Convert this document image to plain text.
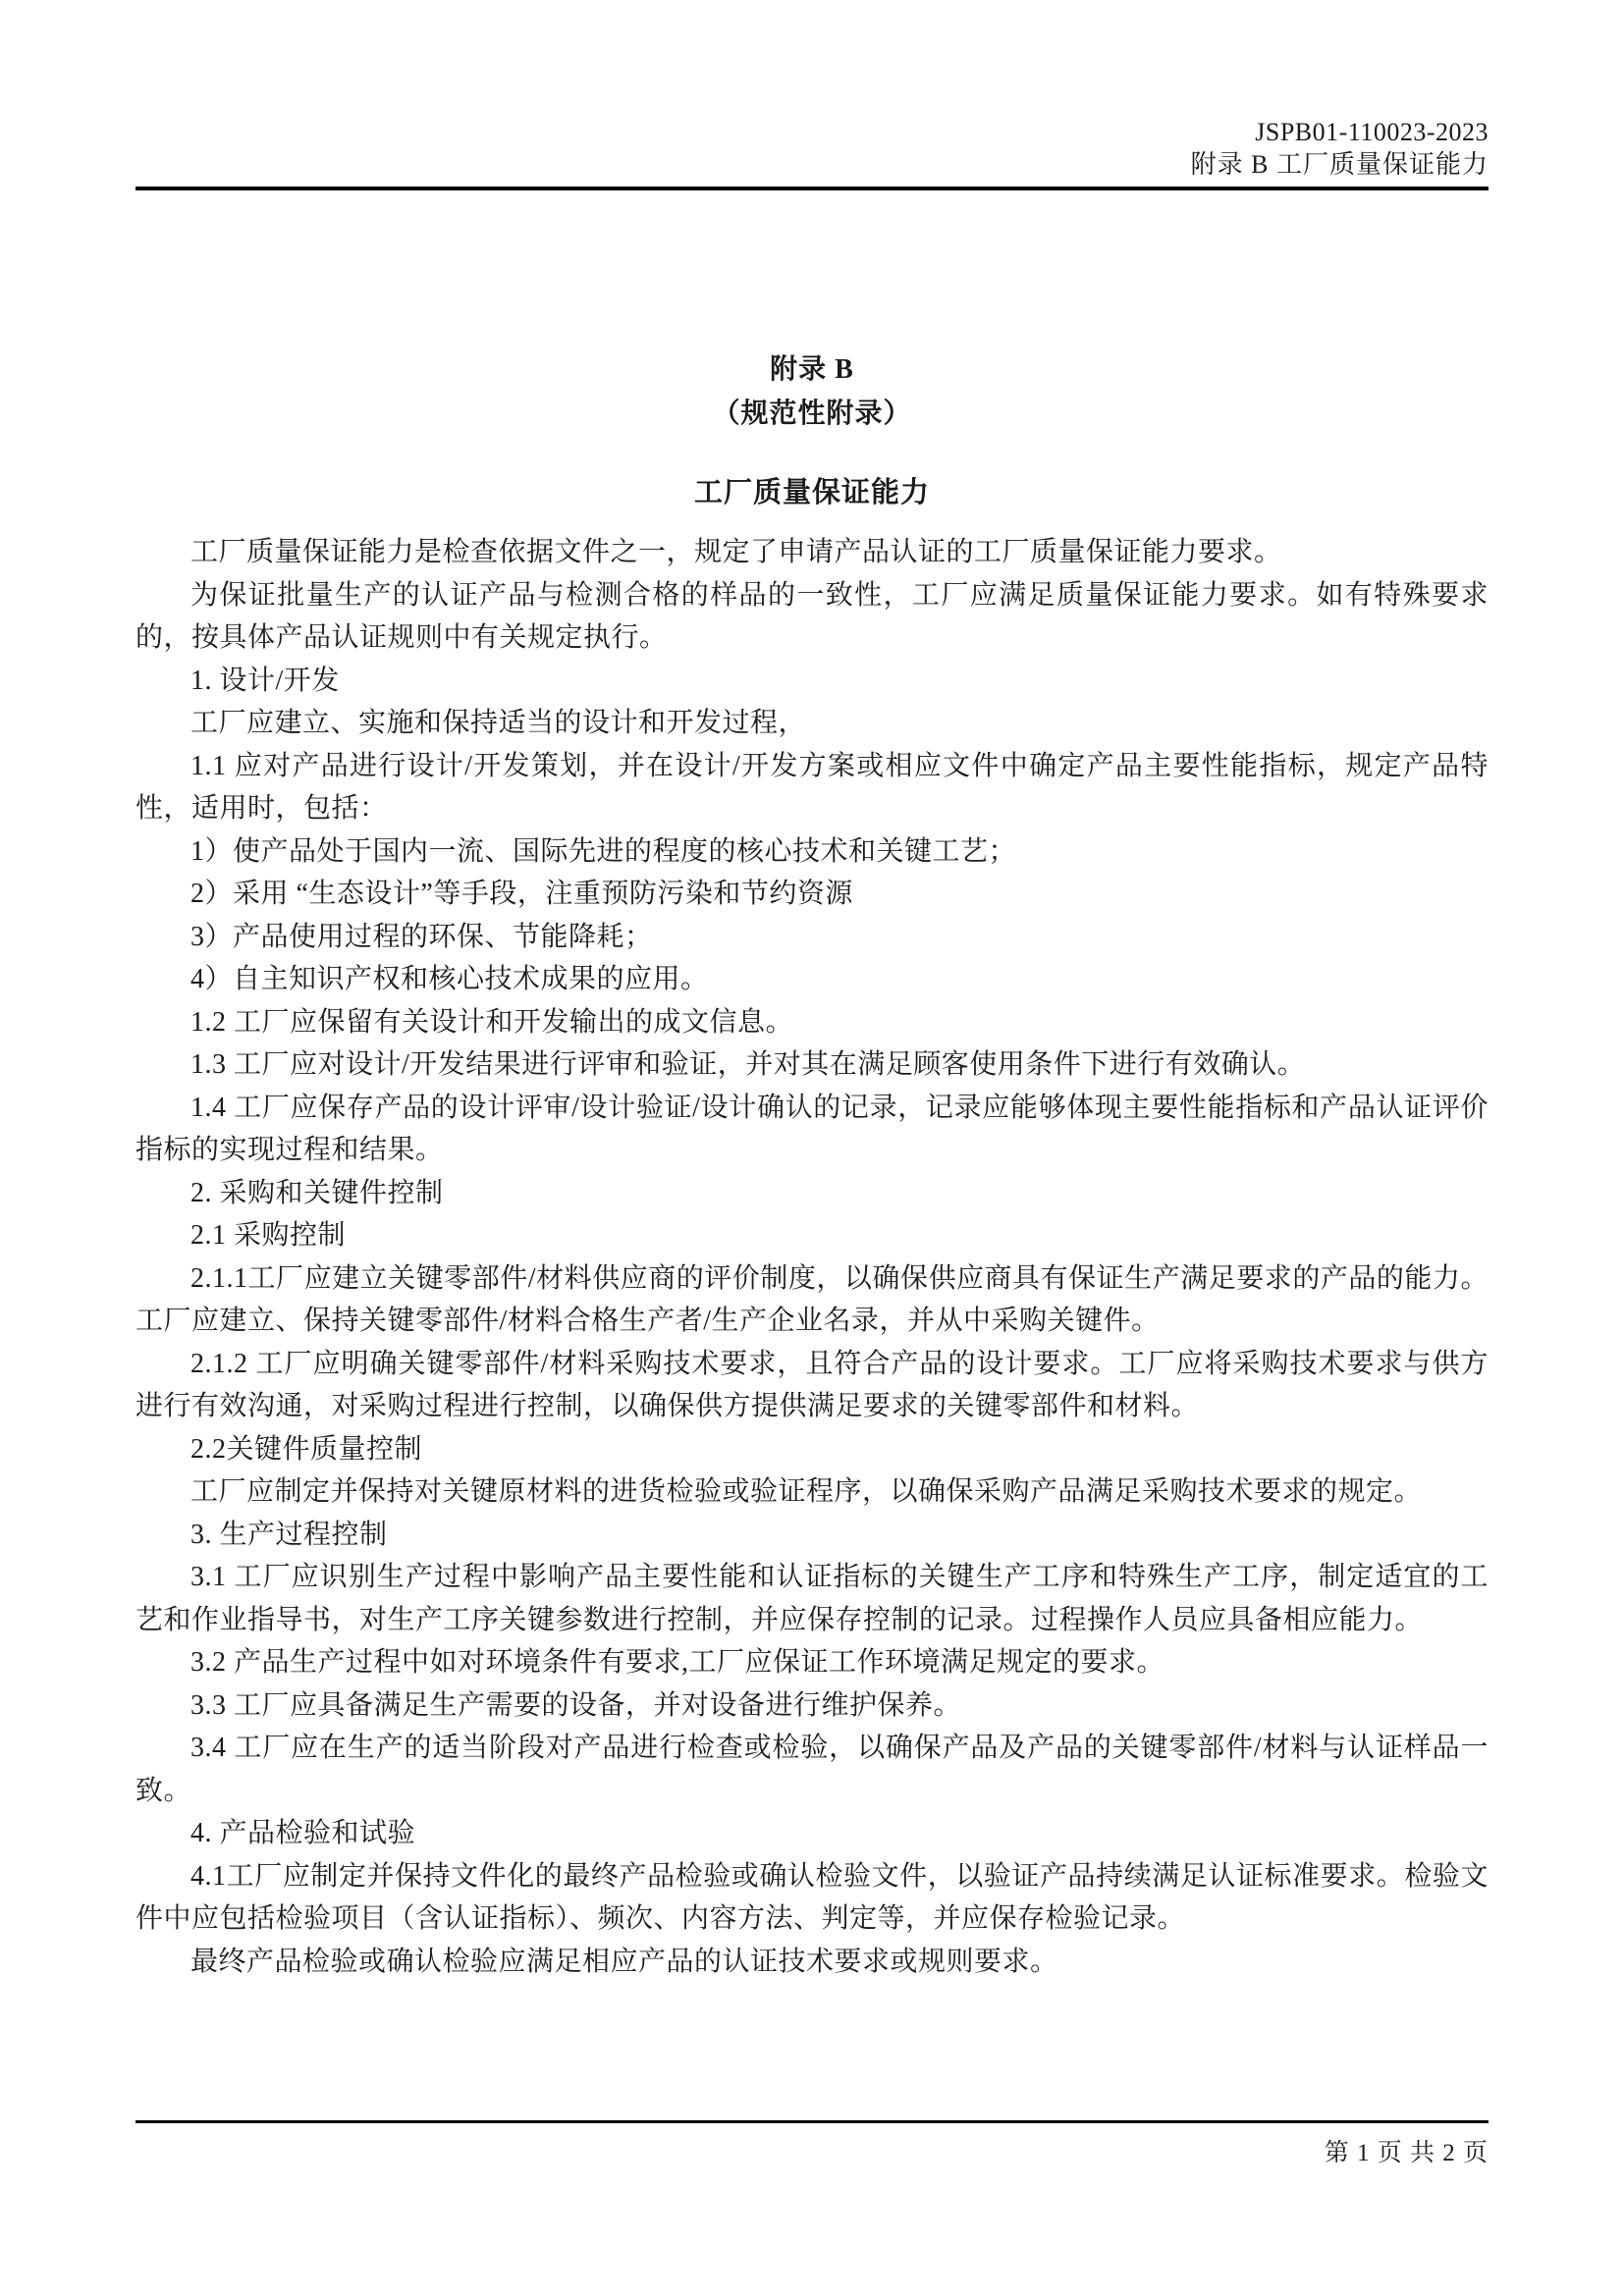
JSPB01-110023-2023
附录 B 工厂质量保证能力
附录 B
（规范性附录）
工厂质量保证能力

工厂质量保证能力是检查依据文件之一，规定了申请产品认证的工厂质量保证能力要求。

为保证批量生产的认证产品与检测合格的样品的一致性，工厂应满足质量保证能力要求。如有特殊要求的，按具体产品认证规则中有关规定执行。

1. 设计/开发

工厂应建立、实施和保持适当的设计和开发过程，

1.1 应对产品进行设计/开发策划，并在设计/开发方案或相应文件中确定产品主要性能指标，规定产品特性，适用时，包括：

1）使产品处于国内一流、国际先进的程度的核心技术和关键工艺；

2）采用 “生态设计”等手段，注重预防污染和节约资源

3）产品使用过程的环保、节能降耗；

4）自主知识产权和核心技术成果的应用。

1.2 工厂应保留有关设计和开发输出的成文信息。

1.3 工厂应对设计/开发结果进行评审和验证，并对其在满足顾客使用条件下进行有效确认。

1.4 工厂应保存产品的设计评审/设计验证/设计确认的记录，记录应能够体现主要性能指标和产品认证评价指标的实现过程和结果。

2. 采购和关键件控制

2.1 采购控制

2.1.1工厂应建立关键零部件/材料供应商的评价制度，以确保供应商具有保证生产满足要求的产品的能力。工厂应建立、保持关键零部件/材料合格生产者/生产企业名录，并从中采购关键件。

2.1.2 工厂应明确关键零部件/材料采购技术要求，且符合产品的设计要求。工厂应将采购技术要求与供方进行有效沟通，对采购过程进行控制，以确保供方提供满足要求的关键零部件和材料。

2.2关键件质量控制

工厂应制定并保持对关键原材料的进货检验或验证程序，以确保采购产品满足采购技术要求的规定。

3. 生产过程控制

3.1 工厂应识别生产过程中影响产品主要性能和认证指标的关键生产工序和特殊生产工序，制定适宜的工艺和作业指导书，对生产工序关键参数进行控制，并应保存控制的记录。过程操作人员应具备相应能力。

3.2 产品生产过程中如对环境条件有要求,工厂应保证工作环境满足规定的要求。

3.3 工厂应具备满足生产需要的设备，并对设备进行维护保养。

3.4 工厂应在生产的适当阶段对产品进行检查或检验，以确保产品及产品的关键零部件/材料与认证样品一致。

4. 产品检验和试验

4.1工厂应制定并保持文件化的最终产品检验或确认检验文件，以验证产品持续满足认证标准要求。检验文件中应包括检验项目（含认证指标）、频次、内容方法、判定等，并应保存检验记录。

最终产品检验或确认检验应满足相应产品的认证技术要求或规则要求。

第 1 页 共 2 页
